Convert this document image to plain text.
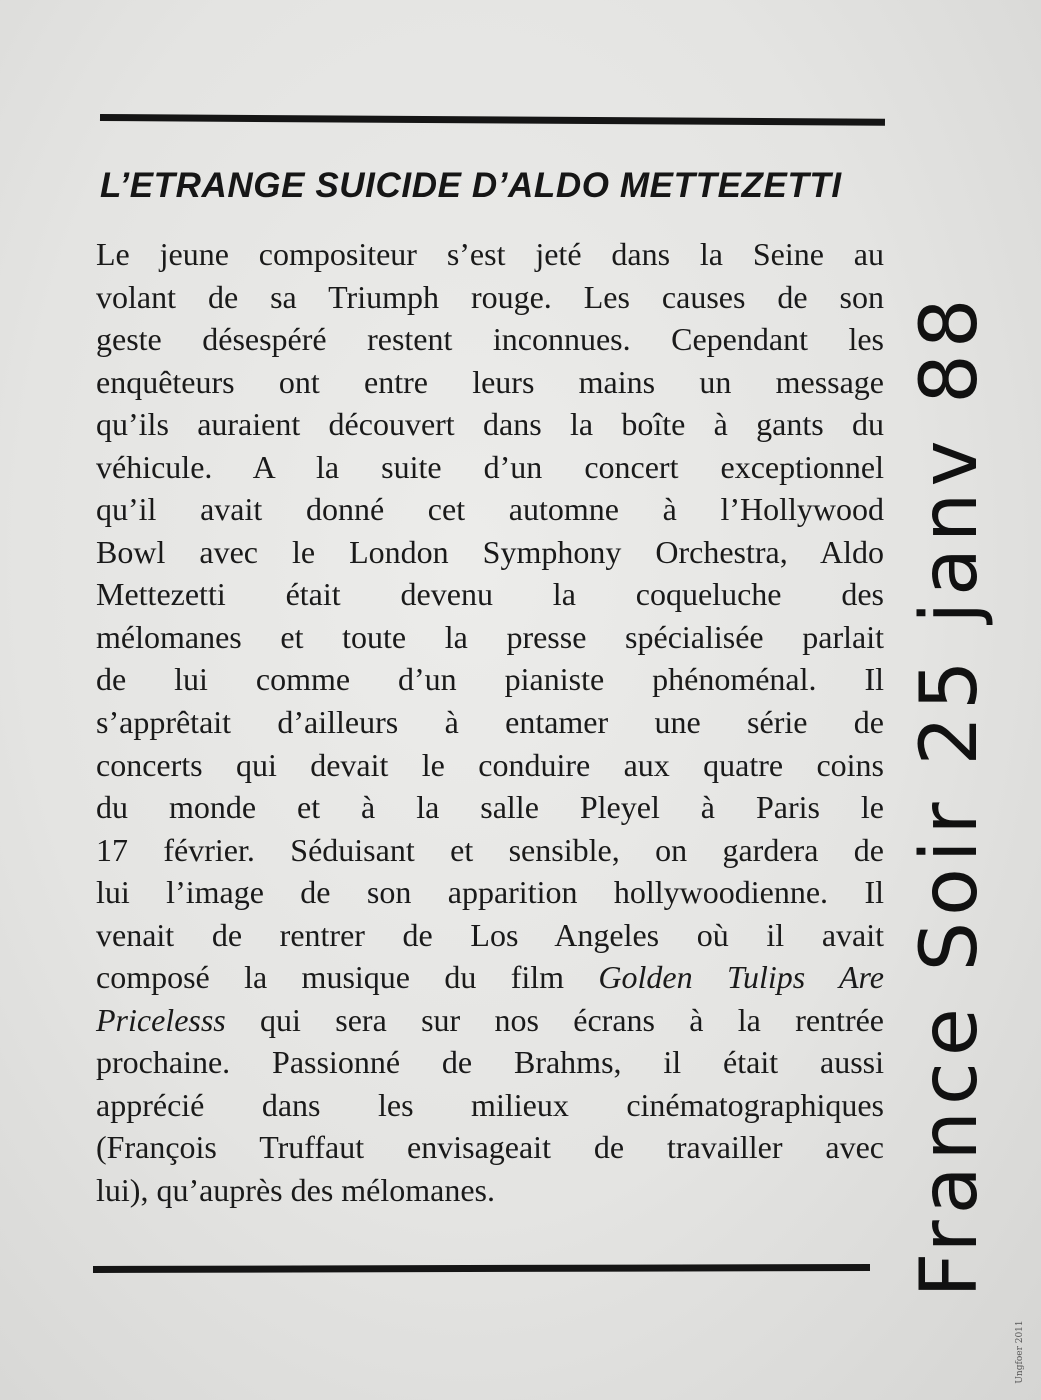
L’ETRANGE SUICIDE D’ALDO METTEZETTI
Le jeune compositeur s’est jeté dans la Seine au
volant de sa Triumph rouge. Les causes de son
geste désespéré restent inconnues. Cependant les
enquêteurs ont entre leurs mains un message
qu’ils auraient découvert dans la boîte à gants du
véhicule. A la suite d’un concert exceptionnel
qu’il avait donné cet automne à l’Hollywood
Bowl avec le London Symphony Orchestra, Aldo
Mettezetti était devenu la coqueluche des
mélomanes et toute la presse spécialisée parlait
de lui comme d’un pianiste phénoménal. Il
s’apprêtait d’ailleurs à entamer une série de
concerts qui devait le conduire aux quatre coins
du monde et à la salle Pleyel à Paris le
17 février. Séduisant et sensible, on gardera de
lui l’image de son apparition hollywoodienne. Il
venait de rentrer de Los Angeles où il avait
composé la musique du film Golden Tulips Are
Pricelesss qui sera sur nos écrans à la rentrée
prochaine. Passionné de Brahms, il était aussi
apprécié dans les milieux cinématographiques
(François Truffaut envisageait de travailler avec
lui), qu’auprès des mélomanes.	France Soir 25 janv 88
Ungfoer 2011
